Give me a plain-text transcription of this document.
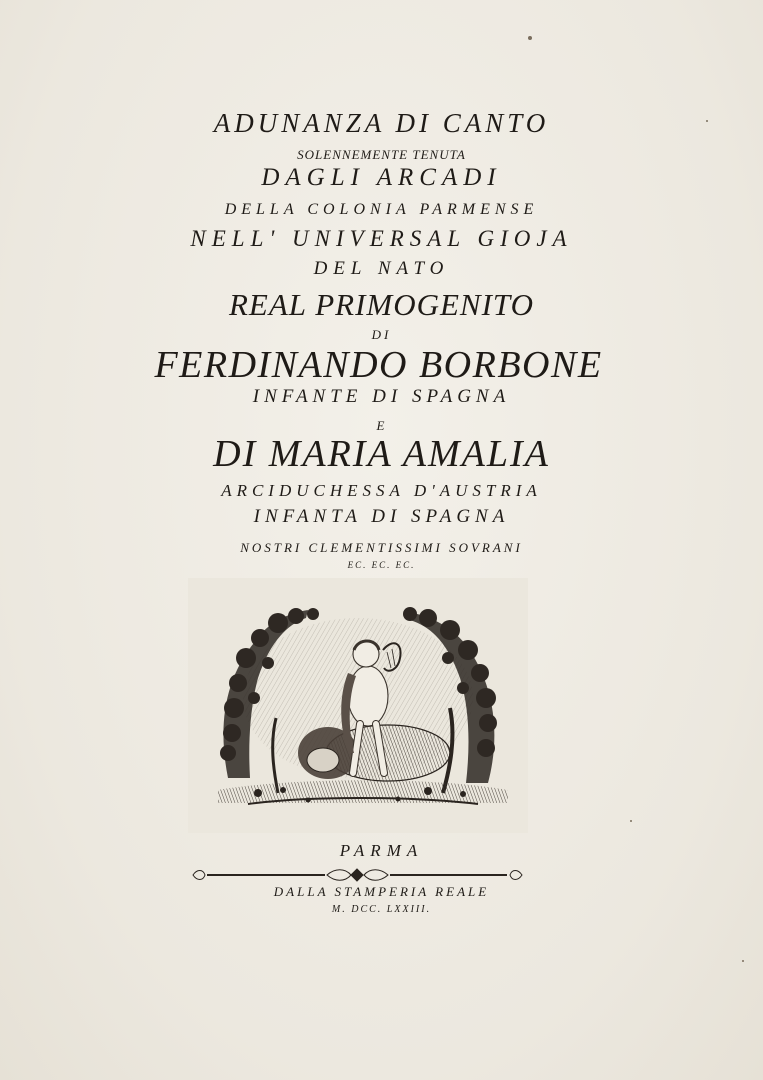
ADUNANZA DI CANTO
SOLENNEMENTE TENUTA
DAGLI ARCADI
DELLA COLONIA PARMENSE
NELL' UNIVERSAL GIOJA
DEL NATO
REAL PRIMOGENITO
DI
FERDINANDO BORBONE
INFANTE DI SPAGNA
E
DI MARIA AMALIA
ARCIDUCHESSA D'AUSTRIA
INFANTA DI SPAGNA
NOSTRI CLEMENTISSIMI SOVRANI
EC. EC. EC.
PARMA
DALLA STAMPERIA REALE
M. DCC. LXXIII.
